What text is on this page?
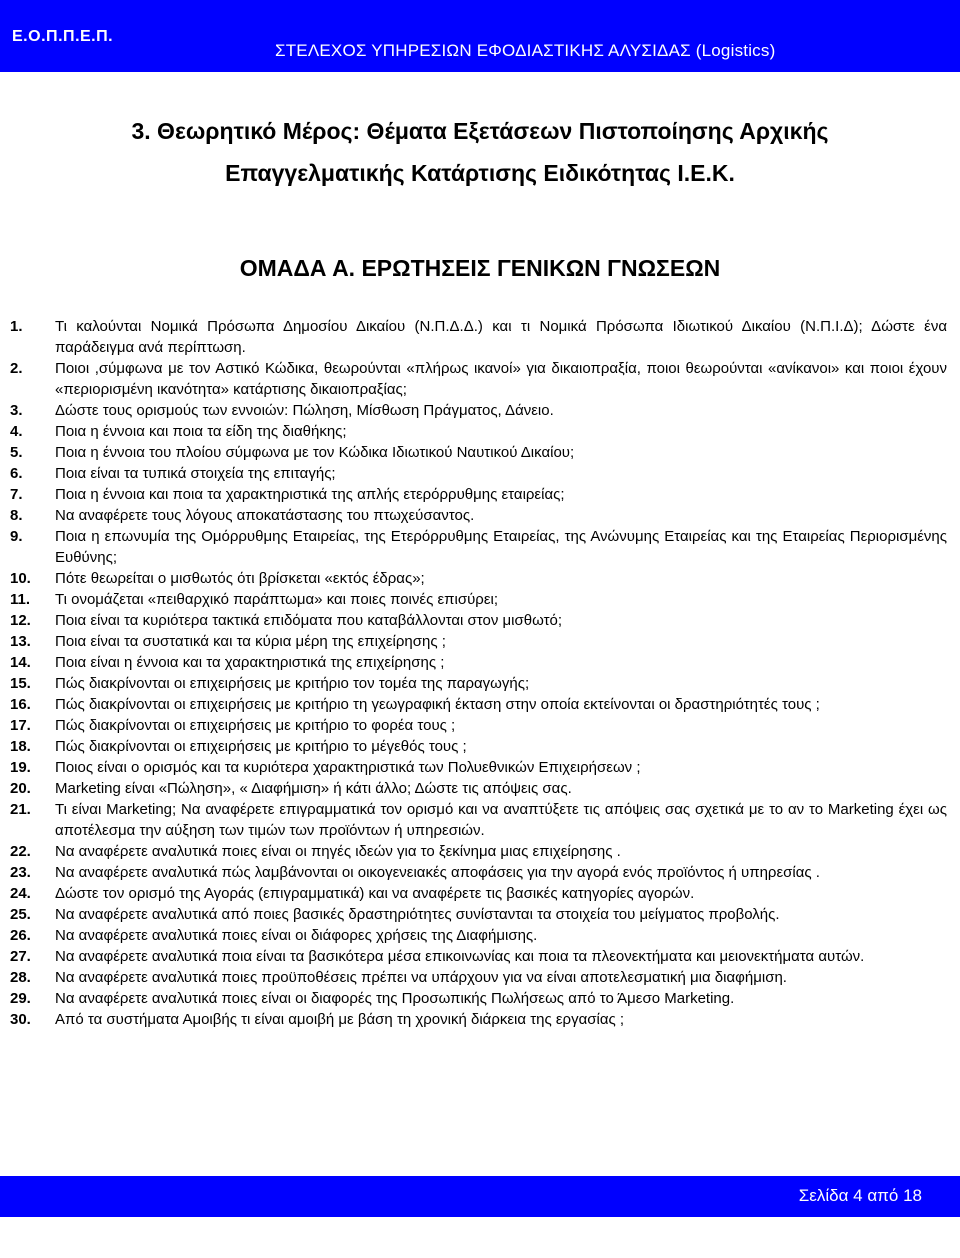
Ε.Ο.Π.Π.Ε.Π.
ΣΤΕΛΕΧΟΣ ΥΠΗΡΕΣΙΩΝ ΕΦΟΔΙΑΣΤΙΚΗΣ ΑΛΥΣΙΔΑΣ (Logistics)
3. Θεωρητικό Μέρος: Θέματα Εξετάσεων Πιστοποίησης Αρχικής
Επαγγελματικής Κατάρτισης Ειδικότητας Ι.Ε.Κ.
ΟΜΑΔΑ Α. ΕΡΩΤΗΣΕΙΣ ΓΕΝΙΚΩΝ ΓΝΩΣΕΩΝ
1.	Τι καλούνται Νομικά Πρόσωπα Δημοσίου Δικαίου (Ν.Π.Δ.Δ.) και τι Νομικά Πρόσωπα Ιδιωτικού Δικαίου (Ν.Π.Ι.Δ); Δώστε ένα παράδειγμα ανά περίπτωση.
2.	Ποιοι ,σύμφωνα με τον Αστικό Κώδικα, θεωρούνται «πλήρως ικανοί» για δικαιοπραξία, ποιοι θεωρούνται «ανίκανοι» και ποιοι έχουν «περιορισμένη ικανότητα» κατάρτισης δικαιοπραξίας;
3.	Δώστε τους ορισμούς των εννοιών: Πώληση, Μίσθωση Πράγματος, Δάνειο.
4.	Ποια η έννοια και ποια τα είδη της διαθήκης;
5.	Ποια η έννοια του πλοίου σύμφωνα με τον Κώδικα Ιδιωτικού Ναυτικού Δικαίου;
6.	Ποια είναι τα τυπικά στοιχεία της επιταγής;
7.	Ποια η έννοια και ποια τα χαρακτηριστικά της απλής ετερόρρυθμης εταιρείας;
8.	Να αναφέρετε τους λόγους αποκατάστασης του πτωχεύσαντος.
9.	Ποια η επωνυμία της Ομόρρυθμης Εταιρείας, της Ετερόρρυθμης Εταιρείας, της Ανώνυμης Εταιρείας και της Εταιρείας Περιορισμένης Ευθύνης;
10.	Πότε θεωρείται ο μισθωτός ότι βρίσκεται «εκτός έδρας»;
11.	Τι ονομάζεται «πειθαρχικό παράπτωμα» και ποιες ποινές επισύρει;
12.	Ποια είναι τα κυριότερα τακτικά επιδόματα που καταβάλλονται στον μισθωτό;
13.	Ποια είναι τα συστατικά και τα κύρια μέρη της επιχείρησης ;
14.	Ποια είναι η έννοια και τα χαρακτηριστικά της επιχείρησης ;
15.	Πώς διακρίνονται οι επιχειρήσεις με κριτήριο τον τομέα της παραγωγής;
16.	Πώς διακρίνονται οι επιχειρήσεις με κριτήριο τη γεωγραφική έκταση στην οποία εκτείνονται οι δραστηριότητές τους ;
17.	Πώς διακρίνονται οι επιχειρήσεις με κριτήριο το φορέα τους ;
18.	Πώς διακρίνονται οι επιχειρήσεις με κριτήριο το μέγεθός τους ;
19.	Ποιος είναι ο ορισμός και τα κυριότερα χαρακτηριστικά των Πολυεθνικών Επιχειρήσεων ;
20.	Marketing είναι «Πώληση», « Διαφήμιση» ή κάτι άλλο; Δώστε τις απόψεις σας.
21.	Τι είναι Marketing; Να αναφέρετε επιγραμματικά τον ορισμό και να αναπτύξετε τις απόψεις σας σχετικά με το αν το Marketing έχει ως αποτέλεσμα την αύξηση των τιμών των προϊόντων ή υπηρεσιών.
22.	Να αναφέρετε αναλυτικά ποιες είναι οι πηγές ιδεών για το ξεκίνημα μιας επιχείρησης .
23.	Να αναφέρετε αναλυτικά πώς λαμβάνονται οι οικογενειακές αποφάσεις για την αγορά ενός προϊόντος ή υπηρεσίας .
24.	Δώστε τον ορισμό της Αγοράς (επιγραμματικά) και να αναφέρετε τις βασικές κατηγορίες αγορών.
25.	Να αναφέρετε αναλυτικά από ποιες βασικές δραστηριότητες συνίστανται τα στοιχεία του μείγματος προβολής.
26.	Να αναφέρετε αναλυτικά ποιες είναι οι διάφορες χρήσεις της Διαφήμισης.
27.	Να αναφέρετε αναλυτικά ποια είναι τα βασικότερα μέσα επικοινωνίας και ποια τα πλεονεκτήματα και μειονεκτήματα αυτών.
28.	Να αναφέρετε αναλυτικά ποιες προϋποθέσεις πρέπει να υπάρχουν για να είναι αποτελεσματική μια διαφήμιση.
29.	Να αναφέρετε αναλυτικά ποιες είναι οι διαφορές της Προσωπικής Πωλήσεως από το Άμεσο Marketing.
30.	Από τα συστήματα Αμοιβής τι είναι αμοιβή με βάση τη χρονική διάρκεια της εργασίας ;
Σελίδα 4 από 18
